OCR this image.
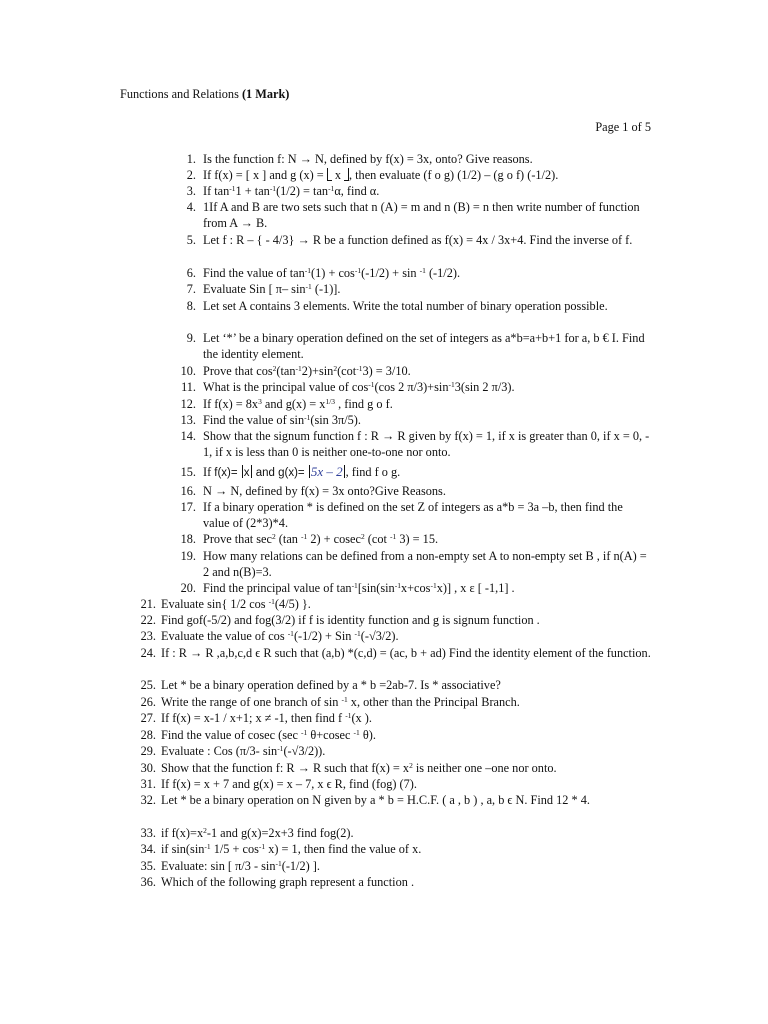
Functions and Relations (1 Mark)
Page 1 of 5
1. Is the function f: N → N, defined by f(x) = 3x, onto? Give reasons.
2. If f(x) = [ x ] and g (x) = x , then evaluate (f o g) (1/2) – (g o f) (-1/2).
3. If $\tan^{-1}1 + \tan^{-1}(1/2) = \tan^{-1}\alpha$, find α.
4. 1If A and B are two sets such that n (A) = m and n (B) = n then write number of function from A → B.
5. Let f : R – { - 4/3} → R be a function defined as f(x) = 4x / 3x+4. Find the inverse of f.
6. Find the value of $\tan^{-1}(1) + \cos^{-1}(-1/2) + \sin ^{-1}$ (-1/2).
7. Evaluate Sin [ π– $\sin^{-1} (-1)$].
8. Let set A contains 3 elements. Write the total number of binary operation possible.
9. Let ‘*’ be a binary operation defined on the set of integers as a*b=a+b+1 for a, b € I. Find the identity element.
10. Prove that $\cos^2(\tan^{-1}2)+\sin^2(\cot^{-1}3) = 3/10$.
11. What is the principal value of $\cos^{-1}(\cos$ 2 $\pi/3)+\sin^{-1}3(\sin$ 2 π/3).
12. If $f(x) = 8x^3$ and $g(x) = x^{1/3}$ , find g o f.
13. Find the value of $\sin^{-1}(\sin$ 3π/5).
14. Show that the signum function f : R → R given by f(x) = 1, if x is greater than 0, if x = 0, - 1, if x is less than 0 is neither one-to-one nor onto.
15. If f(x)= x and g(x)= 5x – 2 , find f o g.
16. N → N, defined by f(x) = 3x onto?Give Reasons.
17. If a binary operation * is defined on the set Z of integers as a*b = 3a –b, then find the value of (2*3)*4.
18. Prove that $\sec^2 (\tan$ $^{-1}$ 2) + cosec$^2$ (cot $^{-1}$ 3) = 15.
19. How many relations can be defined from a non-empty set A to non-empty set B , if n(A) = 2 and n(B)=3.
20. Find the principal value of $\tan^{-1}[\sin(\sin^{-1}x+\cos^{-1}x)]$ , x ε [ -1,1] .
21. Evaluate sin{ 1/2 cos $^{-1}$(4/5) }.
22. Find gof(-5/2) and fog(3/2) if f is identity function and g is signum function .
23. Evaluate the value of cos $^{-1}$(-1/2) + Sin $^{-1}$(-√3/2).
24. If : R → R ,a,b,c,d ϵ R such that (a,b) *(c,d) = (ac, b + ad) Find the identity element of the function.
25. Let * be a binary operation defined by a * b =2ab-7. Is * associative?
26. Write the range of one branch of sin $^{-1}$ x, other than the Principal Branch.
27. If f(x) = x-1 / x+1; x ≠ -1, then find f $^{-1}$(x ).
28. Find the value of cosec (sec $^{-1}$ θ+cosec $^{-1}$ θ).
29. Evaluate : Cos (π/3- $\sin^{-1}(-√3/2)$).
30. Show that the function f: R → R such that $f(x) = x^2$ is neither one –one nor onto.
31. If f(x) = x + 7 and g(x) = x – 7, x ϵ R, find (fog) (7).
32. Let * be a binary operation on N given by a * b = H.C.F. ( a , b ) , a, b ϵ N. Find 12 * 4.
33. if $f(x)=x^2-1$ and g(x)=2x+3 find fog(2).
34. if $\sin(\sin^{-1}$ $1/5 + \cos^{-1} x) = 1$, then find the value of x.
35. Evaluate: sin [ $\pi/3 - \sin^{-1}(-1/2)$ ].
36. Which of the following graph represent a function .
